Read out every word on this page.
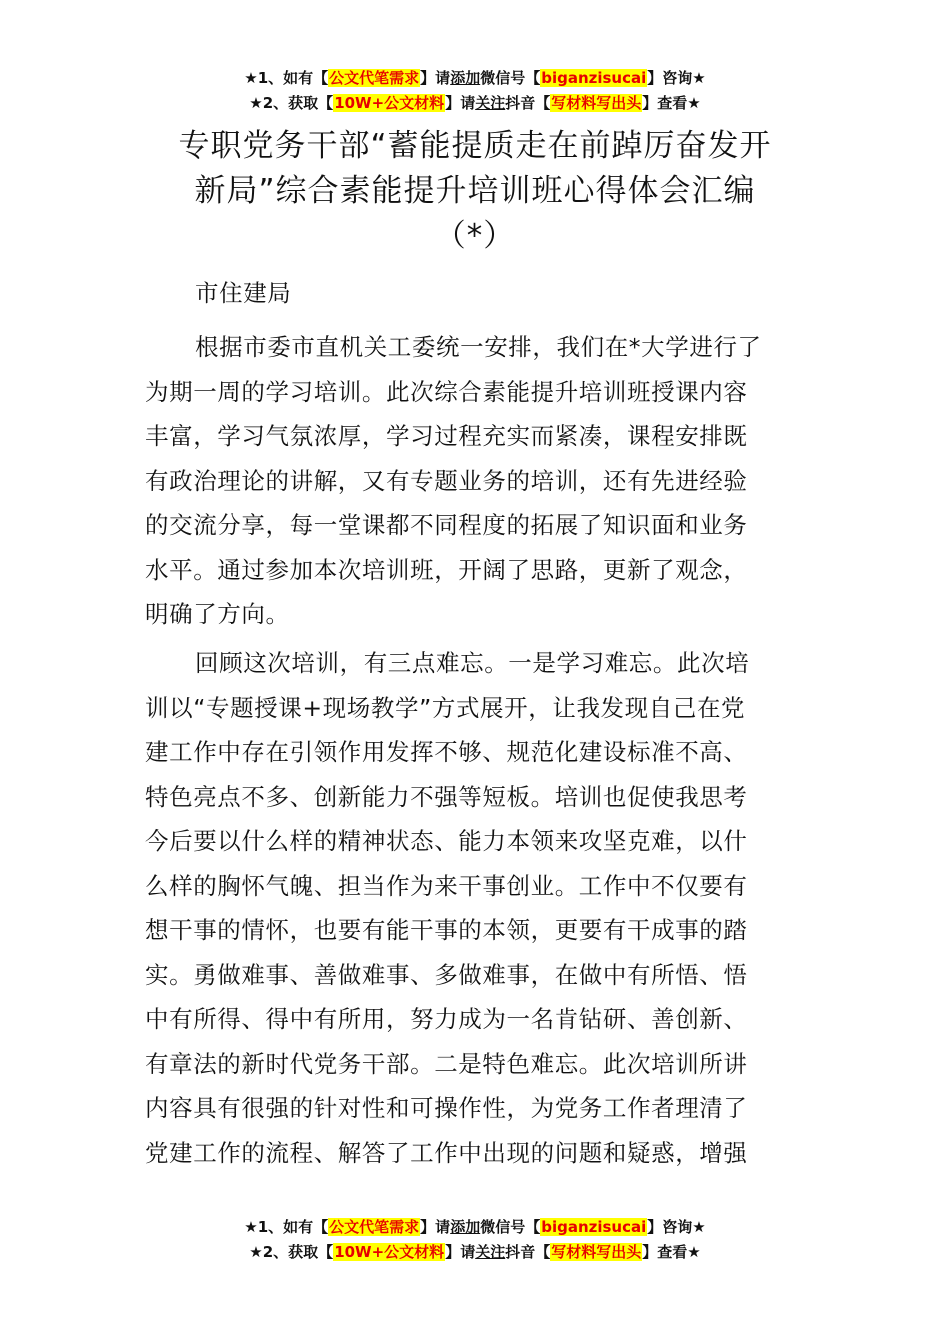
★1、如有【公文代笔需求】请添加微信号【biganzisucai】咨询★
★2、获取【10W+公文材料】请关注抖音【写材料写出头】查看★
专职党务干部“蓄能提质走在前踔厉奋发开
新局”综合素能提升培训班心得体会汇编
（*）
市住建局
根据市委市直机关工委统一安排，我们在*大学进行了
为期一周的学习培训。此次综合素能提升培训班授课内容
丰富，学习气氛浓厚，学习过程充实而紧凑，课程安排既
有政治理论的讲解，又有专题业务的培训，还有先进经验
的交流分享，每一堂课都不同程度的拓展了知识面和业务
水平。通过参加本次培训班，开阔了思路，更新了观念，
明确了方向。
回顾这次培训，有三点难忘。一是学习难忘。此次培
训以“专题授课+现场教学”方式展开，让我发现自己在党
建工作中存在引领作用发挥不够、规范化建设标准不高、
特色亮点不多、创新能力不强等短板。培训也促使我思考
今后要以什么样的精神状态、能力本领来攻坚克难，以什
么样的胸怀气魄、担当作为来干事创业。工作中不仅要有
想干事的情怀，也要有能干事的本领，更要有干成事的踏
实。勇做难事、善做难事、多做难事，在做中有所悟、悟
中有所得、得中有所用，努力成为一名肯钻研、善创新、
有章法的新时代党务干部。二是特色难忘。此次培训所讲
内容具有很强的针对性和可操作性，为党务工作者理清了
党建工作的流程、解答了工作中出现的问题和疑惑，增强
★1、如有【公文代笔需求】请添加微信号【biganzisucai】咨询★
★2、获取【10W+公文材料】请关注抖音【写材料写出头】查看★
